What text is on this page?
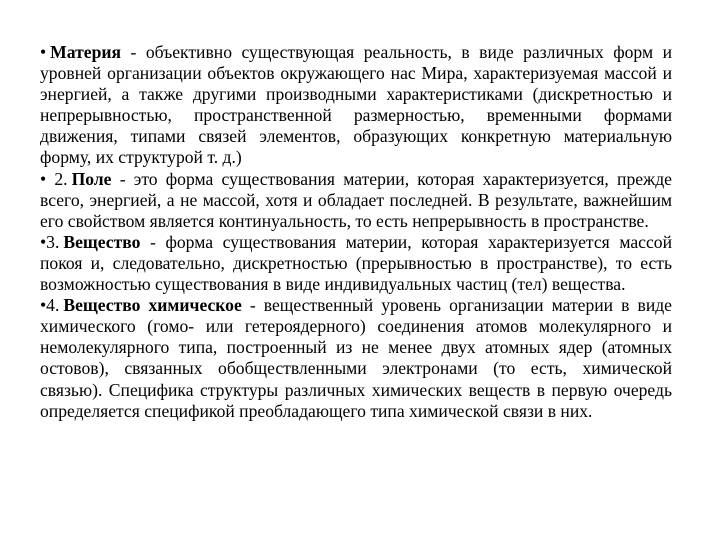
• Материя - объективно существующая реальность, в виде различных форм и уровней организации объектов окружающего нас Мира, характеризуемая массой и энергией, а также другими производными характеристиками (дискретностью и непрерывностью, пространственной размерностью, временными формами движения, типами связей элементов, образующих конкретную материальную форму, их структурой т. д.)

• 2. Поле - это форма существования материи, которая характеризуется, прежде всего, энергией, а не массой, хотя и обладает последней. В результате, важнейшим его свойством является континуальность, то есть непрерывность в пространстве.

•3. Вещество - форма существования материи, которая характеризуется массой покоя и, следовательно, дискретностью (прерывностью в пространстве), то есть возможностью существования в виде индивидуальных частиц (тел) вещества.

•4. Вещество химическое - вещественный уровень организации материи в виде химического (гомо- или гетероядерного) соединения атомов молекулярного и немолекулярного типа, построенный из не менее двух атомных ядер (атомных остовов), связанных обобществленными электронами (то есть, химической связью). Специфика структуры различных химических веществ в первую очередь определяется спецификой преобладающего типа химической связи в них.
